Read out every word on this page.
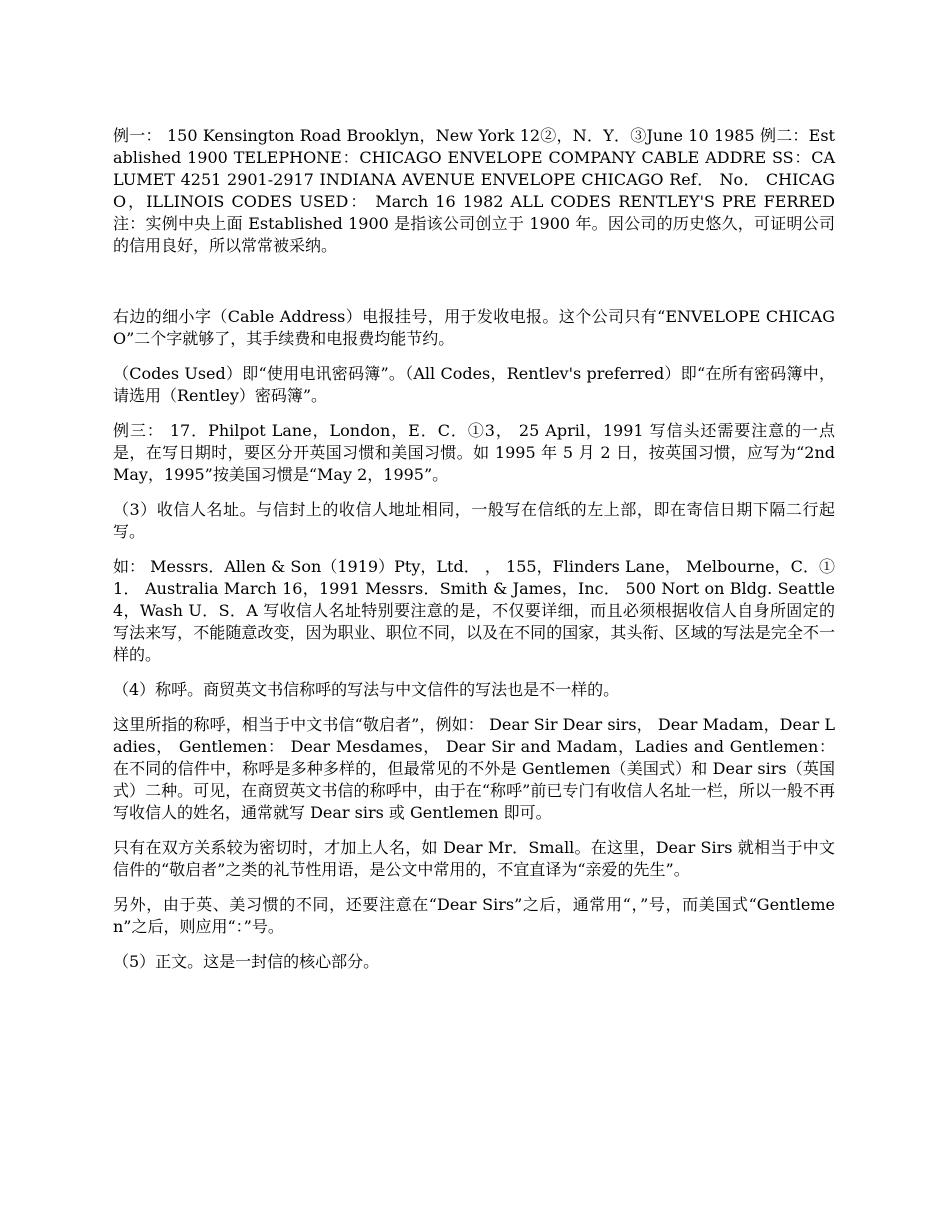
例一： 150 Kensington Road Brooklyn，New York 12②，N．Y．③June 10 1985 例二：Established 1900 TELEPHONE：CHICAGO ENVELOPE COMPANY CABLE ADDRE SS：CALUMET 4251 2901-2917 INDIANA AVENUE ENVELOPE CHICAGO Ref． No． CHICAGO，ILLINOIS CODES USED： March 16 1982 ALL CODES RENTLEY'S PRE FERRED 注：实例中央上面 Established 1900 是指该公司创立于 1900 年。因公司的历史悠久，可证明公司的信用良好，所以常常被采纳。

右边的细小字（Cable Address）电报挂号，用于发收电报。这个公司只有“ENVELOPE CHICAGO”二个字就够了，其手续费和电报费均能节约。

（Codes Used）即“使用电讯密码簿”。（All Codes，Rentlev's preferred）即“在所有密码簿中，请选用（Rentley）密码簿”。

例三： 17．Philpot Lane，London，E．C．①3， 25 April，1991 写信头还需要注意的一点是，在写日期时，要区分开英国习惯和美国习惯。如 1995 年 5 月 2 日，按英国习惯，应写为“2ndMay，1995”按美国习惯是“May 2，1995”。

（3）收信人名址。与信封上的收信人地址相同，一般写在信纸的左上部，即在寄信日期下隔二行起写。

如： Messrs．Allen & Son（1919）Pty，Ltd． ， 155，Flinders Lane， Melbourne，C．①1． Australia March 16，1991 Messrs．Smith & James，Inc． 500 Nort on Bldg. Seattle 4，Wash U．S．A 写收信人名址特别要注意的是，不仅要详细，而且必须根据收信人自身所固定的写法来写，不能随意改变，因为职业、职位不同，以及在不同的国家，其头衔、区域的写法是完全不一样的。

（4）称呼。商贸英文书信称呼的写法与中文信件的写法也是不一样的。

这里所指的称呼，相当于中文书信“敬启者”，例如： Dear Sir Dear sirs， Dear Madam，Dear Ladies， Gentlemen： Dear Mesdames， Dear Sir and Madam，Ladies and Gentlemen： 在不同的信件中，称呼是多种多样的，但最常见的不外是 Gentlemen（美国式）和 Dear sirs（英国式）二种。可见，在商贸英文书信的称呼中，由于在“称呼”前已专门有收信人名址一栏，所以一般不再写收信人的姓名，通常就写 Dear sirs 或 Gentlemen 即可。

只有在双方关系较为密切时，才加上人名，如 Dear Mr．Small。在这里，Dear Sirs 就相当于中文信件的“敬启者”之类的礼节性用语，是公文中常用的，不宜直译为“亲爱的先生”。

另外，由于英、美习惯的不同，还要注意在“Dear Sirs”之后，通常用“，”号，而美国式“Gentlemen”之后，则应用“：”号。

（5）正文。这是一封信的核心部分。
